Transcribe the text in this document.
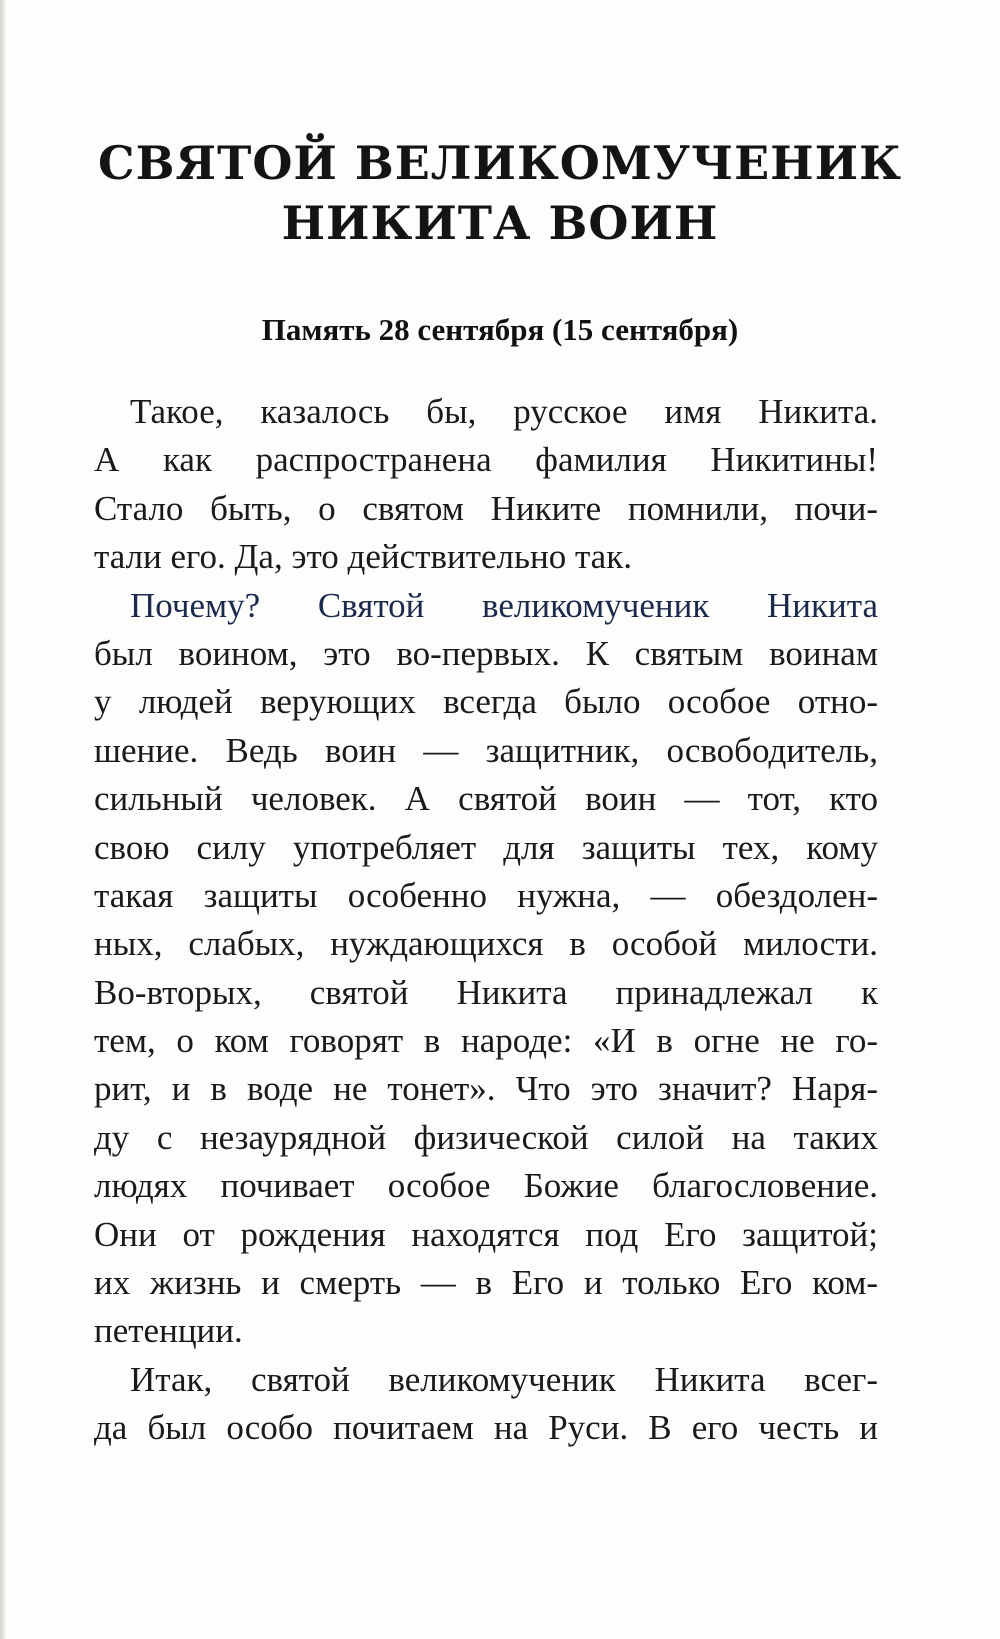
СВЯТОЙ ВЕЛИКОМУЧЕНИК
НИКИТА ВОИН
Память 28 сентября (15 сентября)
Такое, казалось бы, русское имя Никита.
А как распространена фамилия Никитины!
Стало быть, о святом Никите помнили, почи-
тали его. Да, это действительно так.
Почему? Святой великомученик Никита
был воином, это во-первых. К святым воинам
у людей верующих всегда было особое отно-
шение. Ведь воин — защитник, освободитель,
сильный человек. А святой воин — тот, кто
свою силу употребляет для защиты тех, кому
такая защиты особенно нужна, — обездолен-
ных, слабых, нуждающихся в особой милости.
Во-вторых, святой Никита принадлежал к
тем, о ком говорят в народе: «И в огне не го-
рит, и в воде не тонет». Что это значит? Наря-
ду с незаурядной физической силой на таких
людях почивает особое Божие благословение.
Они от рождения находятся под Его защитой;
их жизнь и смерть — в Его и только Его ком-
петенции.
Итак, святой великомученик Никита всег-
да был особо почитаем на Руси. В его честь и
